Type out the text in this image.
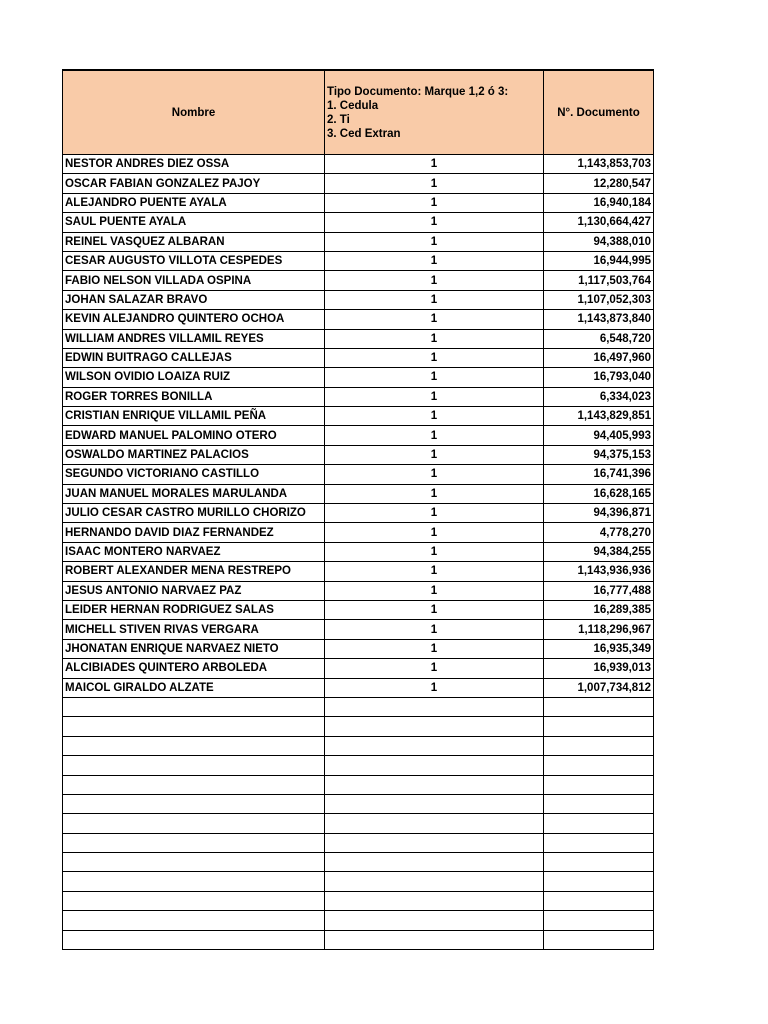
Nombre	Tipo Documento: Marque 1,2 ó 3:
1. Cedula
2. Ti
3. Ced Extran	N°. Documento
NESTOR ANDRES DIEZ OSSA	1	1,143,853,703
OSCAR FABIAN GONZALEZ PAJOY	1	12,280,547
ALEJANDRO PUENTE AYALA	1	16,940,184
SAUL PUENTE AYALA	1	1,130,664,427
REINEL VASQUEZ ALBARAN	1	94,388,010
CESAR AUGUSTO VILLOTA CESPEDES	1	16,944,995
FABIO NELSON VILLADA OSPINA	1	1,117,503,764
JOHAN SALAZAR BRAVO	1	1,107,052,303
KEVIN ALEJANDRO QUINTERO OCHOA	1	1,143,873,840
WILLIAM ANDRES VILLAMIL REYES	1	6,548,720
EDWIN BUITRAGO CALLEJAS	1	16,497,960
WILSON OVIDIO LOAIZA RUIZ	1	16,793,040
ROGER TORRES BONILLA	1	6,334,023
CRISTIAN ENRIQUE VILLAMIL PEÑA	1	1,143,829,851
EDWARD MANUEL PALOMINO OTERO	1	94,405,993
OSWALDO MARTINEZ PALACIOS	1	94,375,153
SEGUNDO VICTORIANO CASTILLO	1	16,741,396
JUAN MANUEL MORALES MARULANDA	1	16,628,165
JULIO CESAR CASTRO MURILLO CHORIZO	1	94,396,871
HERNANDO DAVID DIAZ FERNANDEZ	1	4,778,270
ISAAC MONTERO NARVAEZ	1	94,384,255
ROBERT ALEXANDER MENA RESTREPO	1	1,143,936,936
JESUS ANTONIO NARVAEZ PAZ	1	16,777,488
LEIDER HERNAN RODRIGUEZ SALAS	1	16,289,385
MICHELL STIVEN RIVAS VERGARA	1	1,118,296,967
JHONATAN ENRIQUE NARVAEZ NIETO	1	16,935,349
ALCIBIADES QUINTERO ARBOLEDA	1	16,939,013
MAICOL GIRALDO ALZATE	1	1,007,734,812
